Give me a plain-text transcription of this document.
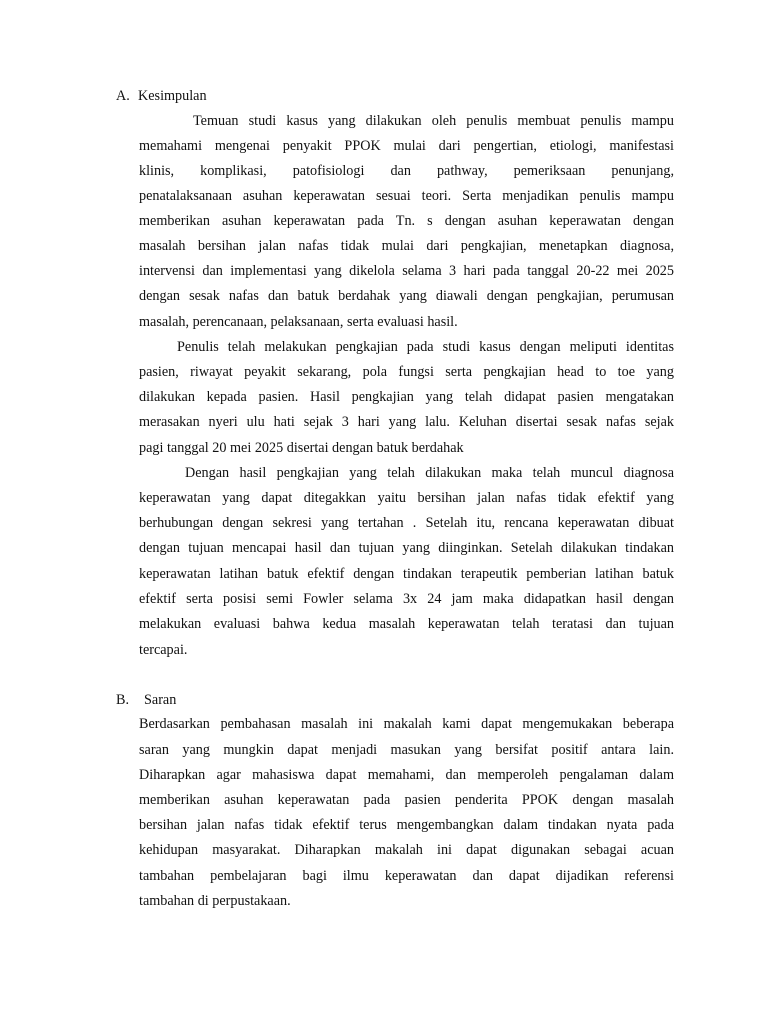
A. Kesimpulan
Temuan studi kasus yang dilakukan oleh penulis membuat penulis mampu
memahami mengenai penyakit PPOK mulai dari pengertian, etiologi, manifestasi
klinis, komplikasi, patofisiologi dan pathway, pemeriksaan penunjang,
penatalaksanaan asuhan keperawatan sesuai teori. Serta menjadikan penulis mampu
memberikan asuhan keperawatan pada Tn. s dengan asuhan keperawatan dengan
masalah bersihan jalan nafas tidak mulai dari pengkajian, menetapkan diagnosa,
intervensi dan implementasi yang dikelola selama 3 hari pada tanggal 20-22 mei 2025
dengan sesak nafas dan batuk berdahak yang diawali dengan pengkajian, perumusan
masalah, perencanaan, pelaksanaan, serta evaluasi hasil.
Penulis telah melakukan pengkajian pada studi kasus dengan meliputi identitas
pasien, riwayat peyakit sekarang, pola fungsi serta pengkajian head to toe yang
dilakukan kepada pasien. Hasil pengkajian yang telah didapat pasien mengatakan
merasakan nyeri ulu hati sejak 3 hari yang lalu. Keluhan disertai sesak nafas sejak
pagi tanggal 20 mei 2025 disertai dengan batuk berdahak
Dengan hasil pengkajian yang telah dilakukan maka telah muncul diagnosa
keperawatan yang dapat ditegakkan yaitu bersihan jalan nafas tidak efektif yang
berhubungan dengan sekresi yang tertahan . Setelah itu, rencana keperawatan dibuat
dengan tujuan mencapai hasil dan tujuan yang diinginkan. Setelah dilakukan tindakan
keperawatan latihan batuk efektif dengan tindakan terapeutik pemberian latihan batuk
efektif serta posisi semi Fowler selama 3x 24 jam maka didapatkan hasil dengan
melakukan evaluasi bahwa kedua masalah keperawatan telah teratasi dan tujuan
tercapai.
B. Saran
Berdasarkan pembahasan masalah ini makalah kami dapat mengemukakan beberapa
saran yang mungkin dapat menjadi masukan yang bersifat positif antara lain.
Diharapkan agar mahasiswa dapat memahami, dan memperoleh pengalaman dalam
memberikan asuhan keperawatan pada pasien penderita PPOK dengan masalah
bersihan jalan nafas tidak efektif terus mengembangkan dalam tindakan nyata pada
kehidupan masyarakat. Diharapkan makalah ini dapat digunakan sebagai acuan
tambahan pembelajaran bagi ilmu keperawatan dan dapat dijadikan referensi
tambahan di perpustakaan.
